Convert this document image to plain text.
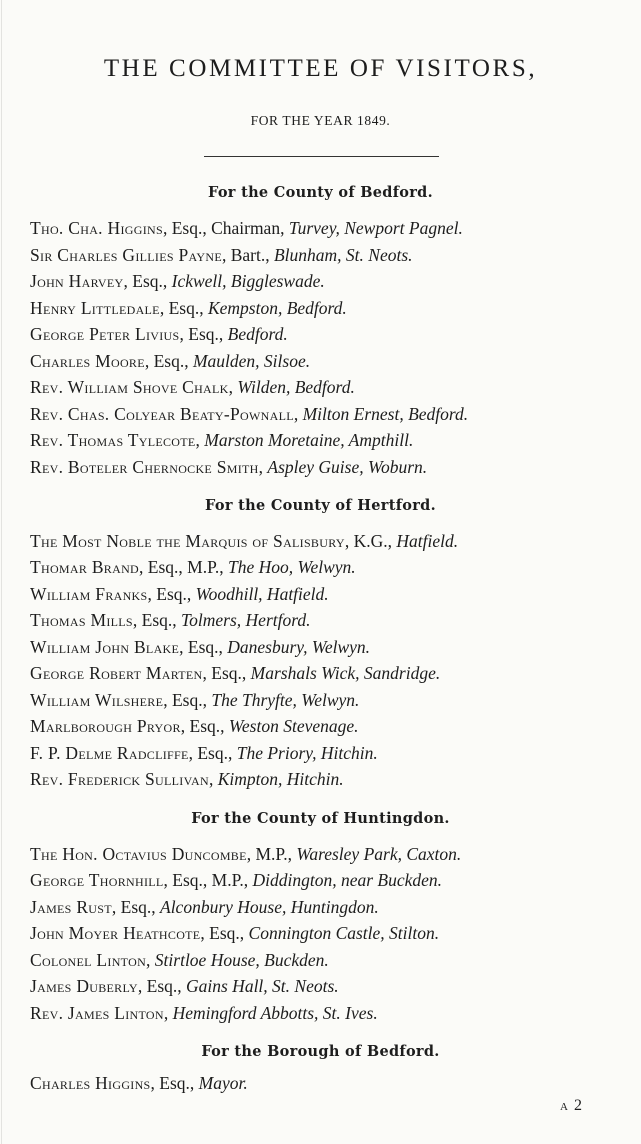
THE COMMITTEE OF VISITORS,
FOR THE YEAR 1849.
For the County of Bedford.
Tho. Cha. Higgins, Esq., Chairman, Turvey, Newport Pagnel.
Sir Charles Gillies Payne, Bart., Blunham, St. Neots.
John Harvey, Esq., Ickwell, Biggleswade.
Henry Littledale, Esq., Kempston, Bedford.
George Peter Livius, Esq., Bedford.
Charles Moore, Esq., Maulden, Silsoe.
Rev. William Shove Chalk, Wilden, Bedford.
Rev. Chas. Colyear Beaty-Pownall, Milton Ernest, Bedford.
Rev. Thomas Tylecote, Marston Moretaine, Ampthill.
Rev. Boteler Chernocke Smith, Aspley Guise, Woburn.
For the County of Hertford.
The Most Noble the Marquis of Salisbury, K.G., Hatfield.
Thomar Brand, Esq., M.P., The Hoo, Welwyn.
William Franks, Esq., Woodhill, Hatfield.
Thomas Mills, Esq., Tolmers, Hertford.
William John Blake, Esq., Danesbury, Welwyn.
George Robert Marten, Esq., Marshals Wick, Sandridge.
William Wilshere, Esq., The Thryfte, Welwyn.
Marlborough Pryor, Esq., Weston Stevenage.
F. P. Delme Radcliffe, Esq., The Priory, Hitchin.
Rev. Frederick Sullivan, Kimpton, Hitchin.
For the County of Huntingdon.
The Hon. Octavius Duncombe, M.P., Waresley Park, Caxton.
George Thornhill, Esq., M.P., Diddington, near Buckden.
James Rust, Esq., Alconbury House, Huntingdon.
John Moyer Heathcote, Esq., Connington Castle, Stilton.
Colonel Linton, Stirtloe House, Buckden.
James Duberly, Esq., Gains Hall, St. Neots.
Rev. James Linton, Hemingford Abbotts, St. Ives.
For the Borough of Bedford.
Charles Higgins, Esq., Mayor.
a 2
